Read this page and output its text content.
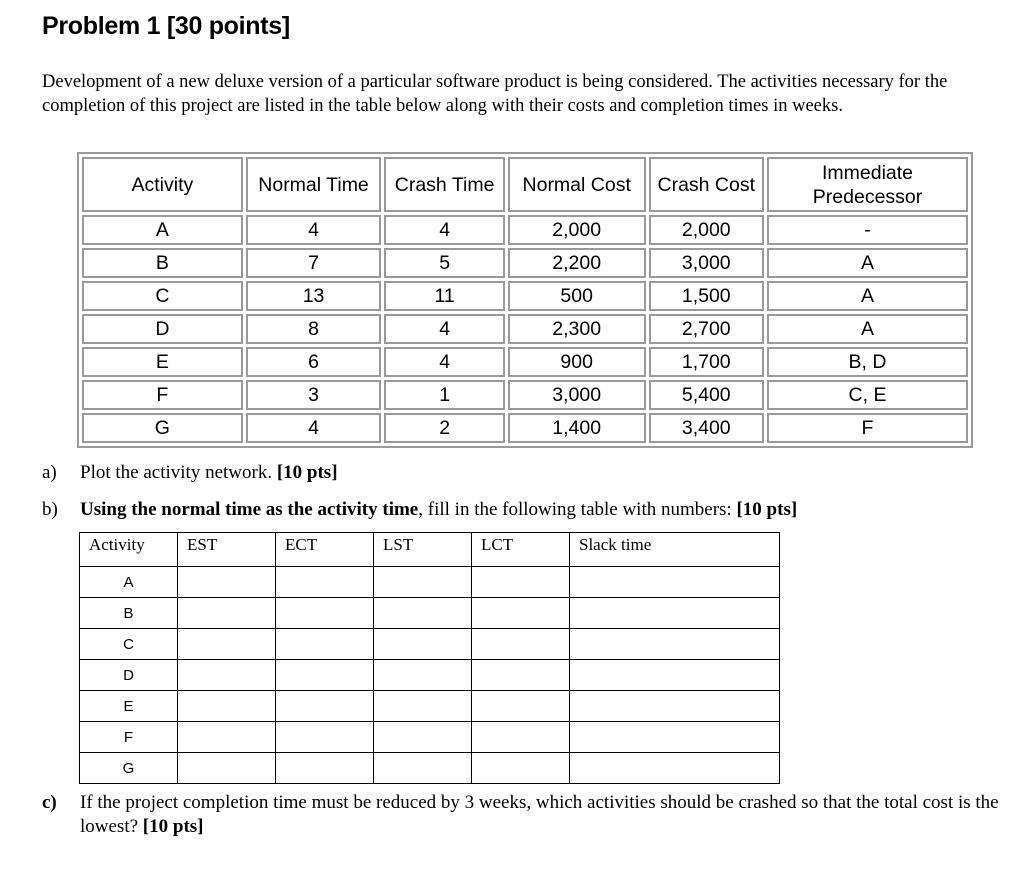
Problem 1 [30 points]
Development of a new deluxe version of a particular software product is being considered. The activities necessary for the completion of this project are listed in the table below along with their costs and completion times in weeks.
Activity	Normal Time	Crash Time	Normal Cost	Crash Cost	Immediate Predecessor
A	4	4	2,000	2,000	-
B	7	5	2,200	3,000	A
C	13	11	500	1,500	A
D	8	4	2,300	2,700	A
E	6	4	900	1,700	B, D
F	3	1	3,000	5,400	C, E
G	4	2	1,400	3,400	F
a) Plot the activity network. [10 pts]
b) Using the normal time as the activity time, fill in the following table with numbers: [10 pts]
Activity	EST	ECT	LST	LCT	Slack time
A					
B					
C					
D					
E					
F					
G					
c) If the project completion time must be reduced by 3 weeks, which activities should be crashed so that the total cost is the lowest? [10 pts]
